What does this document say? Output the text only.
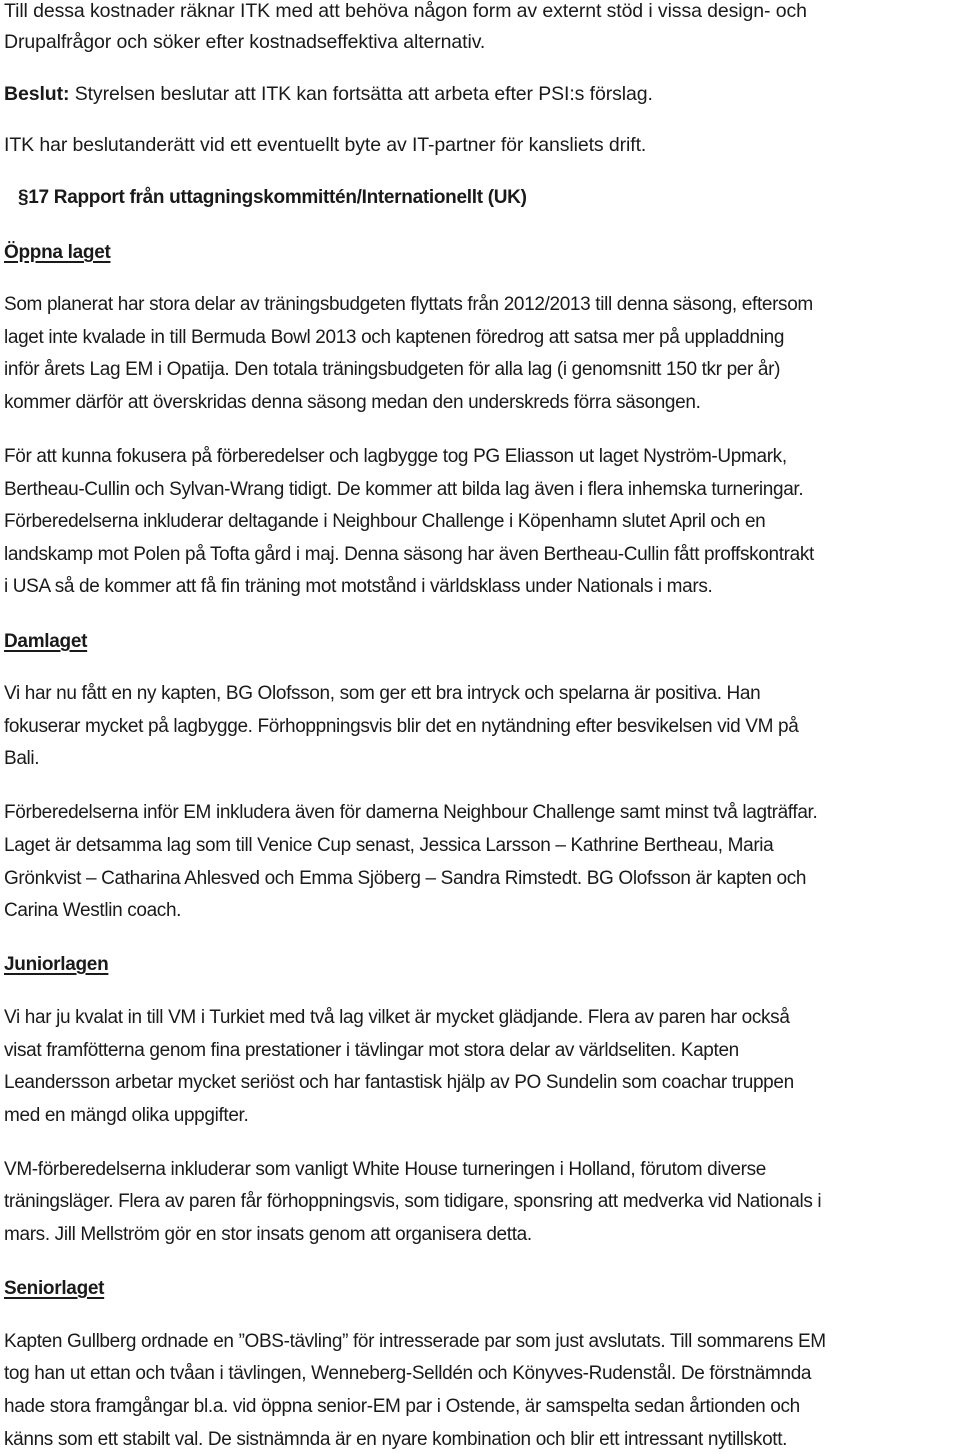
Till dessa kostnader räknar ITK med att behöva någon form av externt stöd i vissa design- och
Drupalfrågor och söker efter kostnadseffektiva alternativ.
Beslut: Styrelsen beslutar att ITK kan fortsätta att arbeta efter PSI:s förslag.
ITK har beslutanderätt vid ett eventuellt byte av IT-partner för kansliets drift.
§17 Rapport från uttagningskommittén/Internationellt (UK)
Öppna laget
Som planerat har stora delar av träningsbudgeten flyttats från 2012/2013 till denna säsong, eftersom
laget inte kvalade in till Bermuda Bowl 2013 och kaptenen föredrog att satsa mer på uppladdning
inför årets Lag EM i Opatija. Den totala träningsbudgeten för alla lag (i genomsnitt 150 tkr per år)
kommer därför att överskridas denna säsong medan den underskreds förra säsongen.
För att kunna fokusera på förberedelser och lagbygge tog PG Eliasson ut laget Nyström-Upmark,
Bertheau-Cullin och Sylvan-Wrang tidigt. De kommer att bilda lag även i flera inhemska turneringar.
Förberedelserna inkluderar deltagande i Neighbour Challenge i Köpenhamn slutet April och en
landskamp mot Polen på Tofta gård i maj. Denna säsong har även Bertheau-Cullin fått proffskontrakt
i USA så de kommer att få fin träning mot motstånd i världsklass under Nationals i mars.
Damlaget
Vi har nu fått en ny kapten, BG Olofsson, som ger ett bra intryck och spelarna är positiva. Han
fokuserar mycket på lagbygge. Förhoppningsvis blir det en nytändning efter besvikelsen vid VM på
Bali.
Förberedelserna inför EM inkludera även för damerna Neighbour Challenge samt minst två lagträffar.
Laget är detsamma lag som till Venice Cup senast, Jessica Larsson – Kathrine Bertheau, Maria
Grönkvist – Catharina Ahlesved och Emma Sjöberg – Sandra Rimstedt. BG Olofsson är kapten och
Carina Westlin coach.
Juniorlagen
Vi har ju kvalat in till VM i Turkiet med två lag vilket är mycket glädjande. Flera av paren har också
visat framfötterna genom fina prestationer i tävlingar mot stora delar av världseliten. Kapten
Leandersson arbetar mycket seriöst och har fantastisk hjälp av PO Sundelin som coachar truppen
med en mängd olika uppgifter.
VM-förberedelserna inkluderar som vanligt White House turneringen i Holland, förutom diverse
träningsläger. Flera av paren får förhoppningsvis, som tidigare, sponsring att medverka vid Nationals i
mars. Jill Mellström gör en stor insats genom att organisera detta.
Seniorlaget
Kapten Gullberg ordnade en ”OBS-tävling” för intresserade par som just avslutats. Till sommarens EM
tog han ut ettan och tvåan i tävlingen, Wenneberg-Selldén och Könyves-Rudenstål. De förstnämnda
hade stora framgångar bl.a. vid öppna senior-EM par i Ostende, är samspelta sedan årtionden och
känns som ett stabilt val. De sistnämnda är en nyare kombination och blir ett intressant nytillskott.
